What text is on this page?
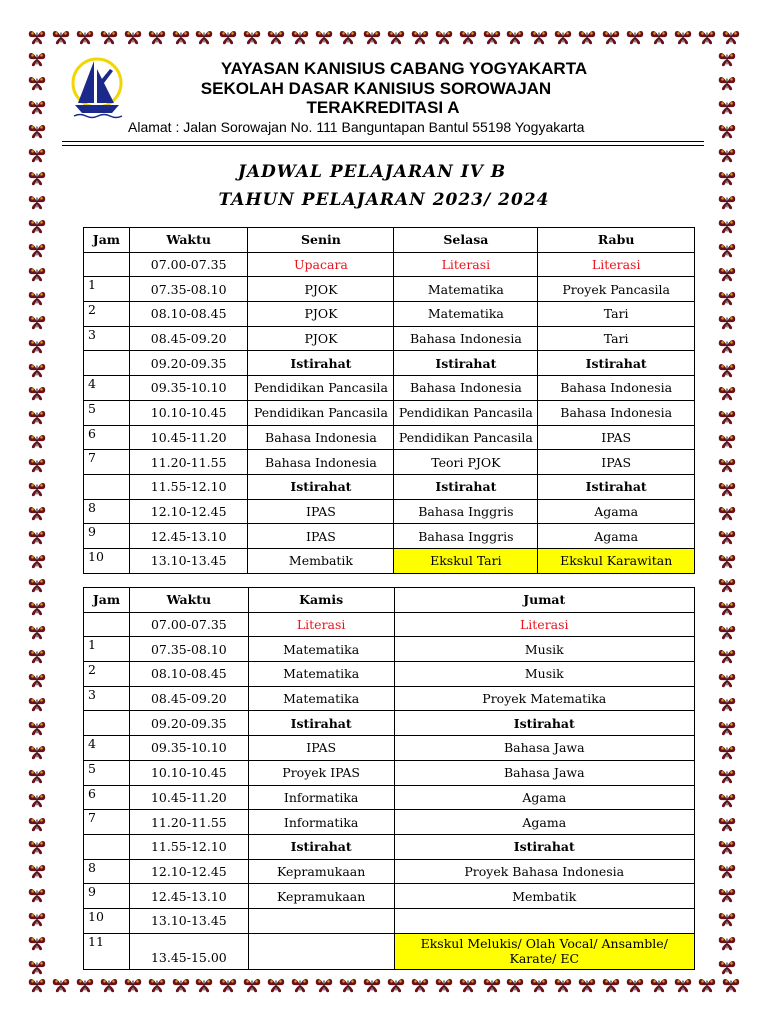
YAYASAN KANISIUS CABANG YOGYAKARTA
SEKOLAH DASAR KANISIUS SOROWAJAN
TERAKREDITASI A
Alamat : Jalan Sorowajan No. 111 Banguntapan Bantul 55198 Yogyakarta
JADWAL PELAJARAN IV B
TAHUN PELAJARAN 2023/ 2024
Jam	Waktu	Senin	Selasa	Rabu
	07.00-07.35	Upacara	Literasi	Literasi
1	07.35-08.10	PJOK	Matematika	Proyek Pancasila
2	08.10-08.45	PJOK	Matematika	Tari
3	08.45-09.20	PJOK	Bahasa Indonesia	Tari
	09.20-09.35	Istirahat	Istirahat	Istirahat
4	09.35-10.10	Pendidikan Pancasila	Bahasa Indonesia	Bahasa Indonesia
5	10.10-10.45	Pendidikan Pancasila	Pendidikan Pancasila	Bahasa Indonesia
6	10.45-11.20	Bahasa Indonesia	Pendidikan Pancasila	IPAS
7	11.20-11.55	Bahasa Indonesia	Teori PJOK	IPAS
	11.55-12.10	Istirahat	Istirahat	Istirahat
8	12.10-12.45	IPAS	Bahasa Inggris	Agama
9	12.45-13.10	IPAS	Bahasa Inggris	Agama
10	13.10-13.45	Membatik	Ekskul Tari	Ekskul Karawitan
Jam	Waktu	Kamis	Jumat
	07.00-07.35	Literasi	Literasi
1	07.35-08.10	Matematika	Musik
2	08.10-08.45	Matematika	Musik
3	08.45-09.20	Matematika	Proyek Matematika
	09.20-09.35	Istirahat	Istirahat
4	09.35-10.10	IPAS	Bahasa Jawa
5	10.10-10.45	Proyek IPAS	Bahasa Jawa
6	10.45-11.20	Informatika	Agama
7	11.20-11.55	Informatika	Agama
	11.55-12.10	Istirahat	Istirahat
8	12.10-12.45	Kepramukaan	Proyek Bahasa Indonesia
9	12.45-13.10	Kepramukaan	Membatik
10	13.10-13.45		
11	13.45-15.00		Ekskul Melukis/ Olah Vocal/ Ansamble/ Karate/ EC
